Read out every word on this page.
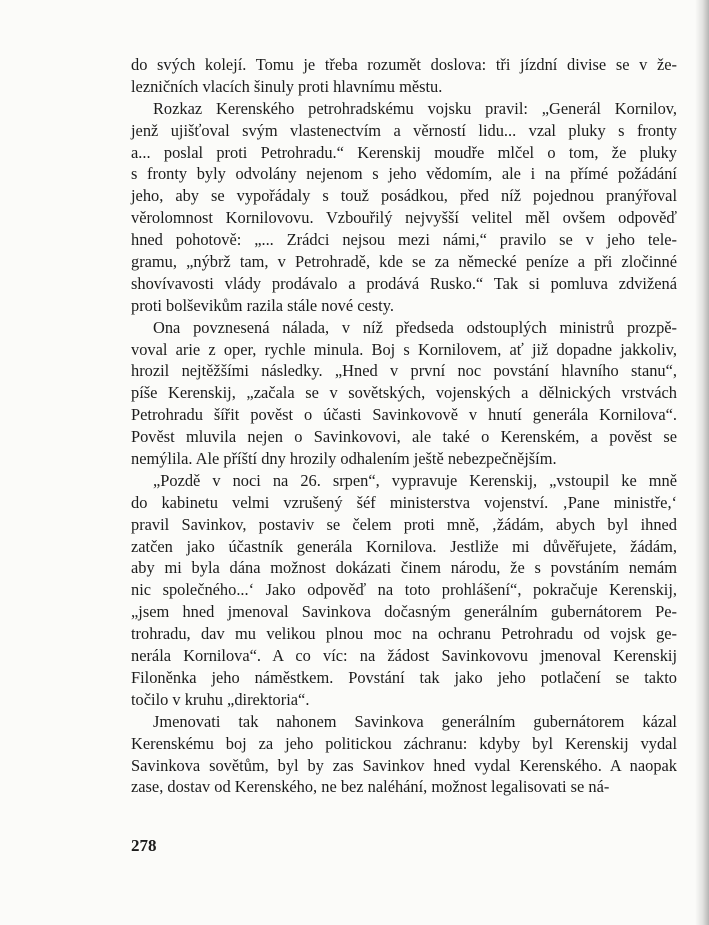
do svých kolejí. Tomu je třeba rozumět doslova: tři jízdní divise se v že-
lezničních vlacích šinuly proti hlavnímu městu.
Rozkaz Kerenského petrohradskému vojsku pravil: „Generál Kornilov,
jenž ujišťoval svým vlastenectvím a věrností lidu... vzal pluky s fronty
a... poslal proti Petrohradu.“ Kerenskij moudře mlčel o tom, že pluky
s fronty byly odvolány nejenom s jeho vědomím, ale i na přímé požádání
jeho, aby se vypořádaly s touž posádkou, před níž pojednou pranýřoval
věrolomnost Kornilovovu. Vzbouřilý nejvyšší velitel měl ovšem odpověď
hned pohotově: „... Zrádci nejsou mezi námi,“ pravilo se v jeho tele-
gramu, „nýbrž tam, v Petrohradě, kde se za německé peníze a při zločinné
shovívavosti vlády prodávalo a prodává Rusko.“ Tak si pomluva zdvižená
proti bolševikům razila stále nové cesty.
Ona povznesená nálada, v níž předseda odstouplých ministrů prozpě-
voval arie z oper, rychle minula. Boj s Kornilovem, ať již dopadne jakkoliv,
hrozil nejtěžšími následky. „Hned v první noc povstání hlavního stanu“,
píše Kerenskij, „začala se v sovětských, vojenských a dělnických vrstvách
Petrohradu šířit pověst o účasti Savinkovově v hnutí generála Kornilova“.
Pověst mluvila nejen o Savinkovovi, ale také o Kerenském, a pověst se
nemýlila. Ale příští dny hrozily odhalením ještě nebezpečnějším.
„Pozdě v noci na 26. srpen“, vypravuje Kerenskij, „vstoupil ke mně
do kabinetu velmi vzrušený šéf ministerstva vojenství. ‚Pane ministře,‘
pravil Savinkov, postaviv se čelem proti mně, ‚žádám, abych byl ihned
zatčen jako účastník generála Kornilova. Jestliže mi důvěřujete, žádám,
aby mi byla dána možnost dokázati činem národu, že s povstáním nemám
nic společného...‘ Jako odpověď na toto prohlášení“, pokračuje Kerenskij,
„jsem hned jmenoval Savinkova dočasným generálním gubernátorem Pe-
trohradu, dav mu velikou plnou moc na ochranu Petrohradu od vojsk ge-
nerála Kornilova“. A co víc: na žádost Savinkovovu jmenoval Kerenskij
Filoněnka jeho náměstkem. Povstání tak jako jeho potlačení se takto
točilo v kruhu „direktoria“.
Jmenovati tak nahonem Savinkova generálním gubernátorem kázal
Kerenskému boj za jeho politickou záchranu: kdyby byl Kerenskij vydal
Savinkova sovětům, byl by zas Savinkov hned vydal Kerenského. A naopak
zase, dostav od Kerenského, ne bez naléhání, možnost legalisovati se ná-
278
